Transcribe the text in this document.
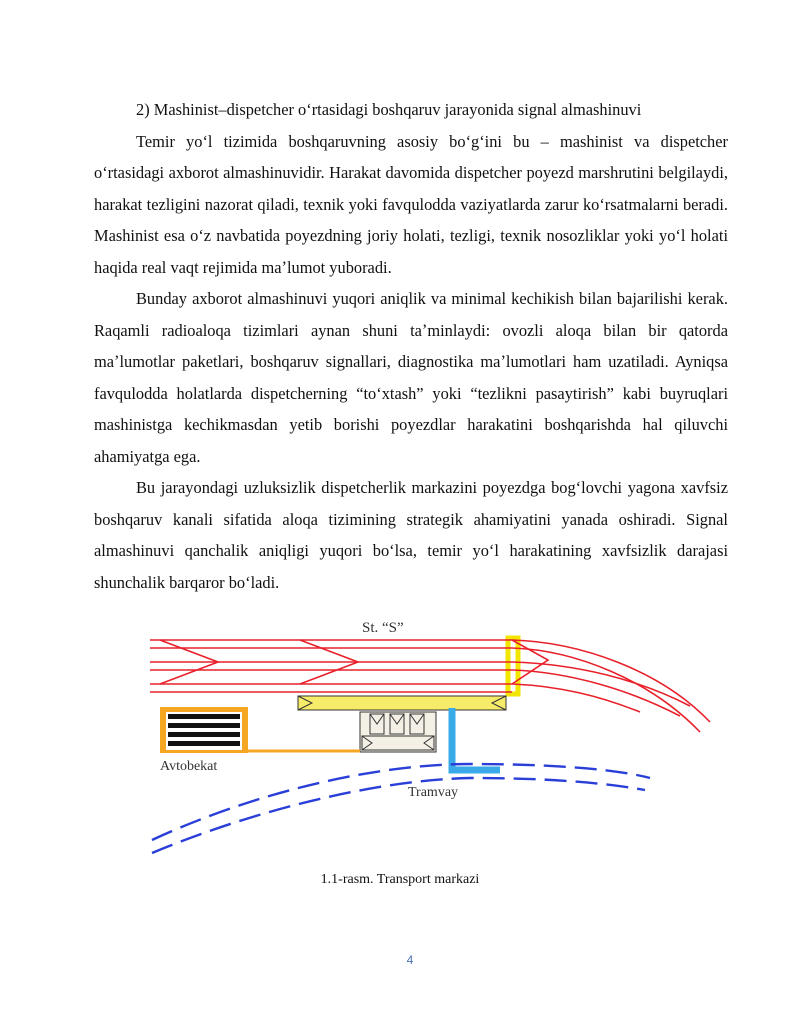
2) Mashinist–dispetcher oʻrtasidagi boshqaruv jarayonida signal almashinuvi

Temir yoʻl tizimida boshqaruvning asosiy boʻgʻini bu – mashinist va dispetcher oʻrtasidagi axborot almashinuvidir. Harakat davomida dispetcher poyezd marshrutini belgilaydi, harakat tezligini nazorat qiladi, texnik yoki favqulodda vaziyatlarda zarur koʻrsatmalarni beradi. Mashinist esa oʻz navbatida poyezdning joriy holati, tezligi, texnik nosozliklar yoki yoʻl holati haqida real vaqt rejimida maʼlumot yuboradi.

Bunday axborot almashinuvi yuqori aniqlik va minimal kechikish bilan bajarilishi kerak. Raqamli radioaloqa tizimlari aynan shuni taʼminlaydi: ovozli aloqa bilan bir qatorda maʼlumotlar paketlari, boshqaruv signallari, diagnostika maʼlumotlari ham uzatiladi. Ayniqsa favqulodda holatlarda dispetcherning “toʻxtash” yoki “tezlikni pasaytirish” kabi buyruqlari mashinistga kechikmasdan yetib borishi poyezdlar harakatini boshqarishda hal qiluvchi ahamiyatga ega.

Bu jarayondagi uzluksizlik dispetcherlik markazini poyezdga bogʻlovchi yagona xavfsiz boshqaruv kanali sifatida aloqa tizimining strategik ahamiyatini yanada oshiradi. Signal almashinuvi qanchalik aniqligi yuqori boʻlsa, temir yoʻl harakatining xavfsizlik darajasi shunchalik barqaror boʻladi.

St. “S”
Avtobekat
Tramvay
1.1-rasm. Transport markazi
4
